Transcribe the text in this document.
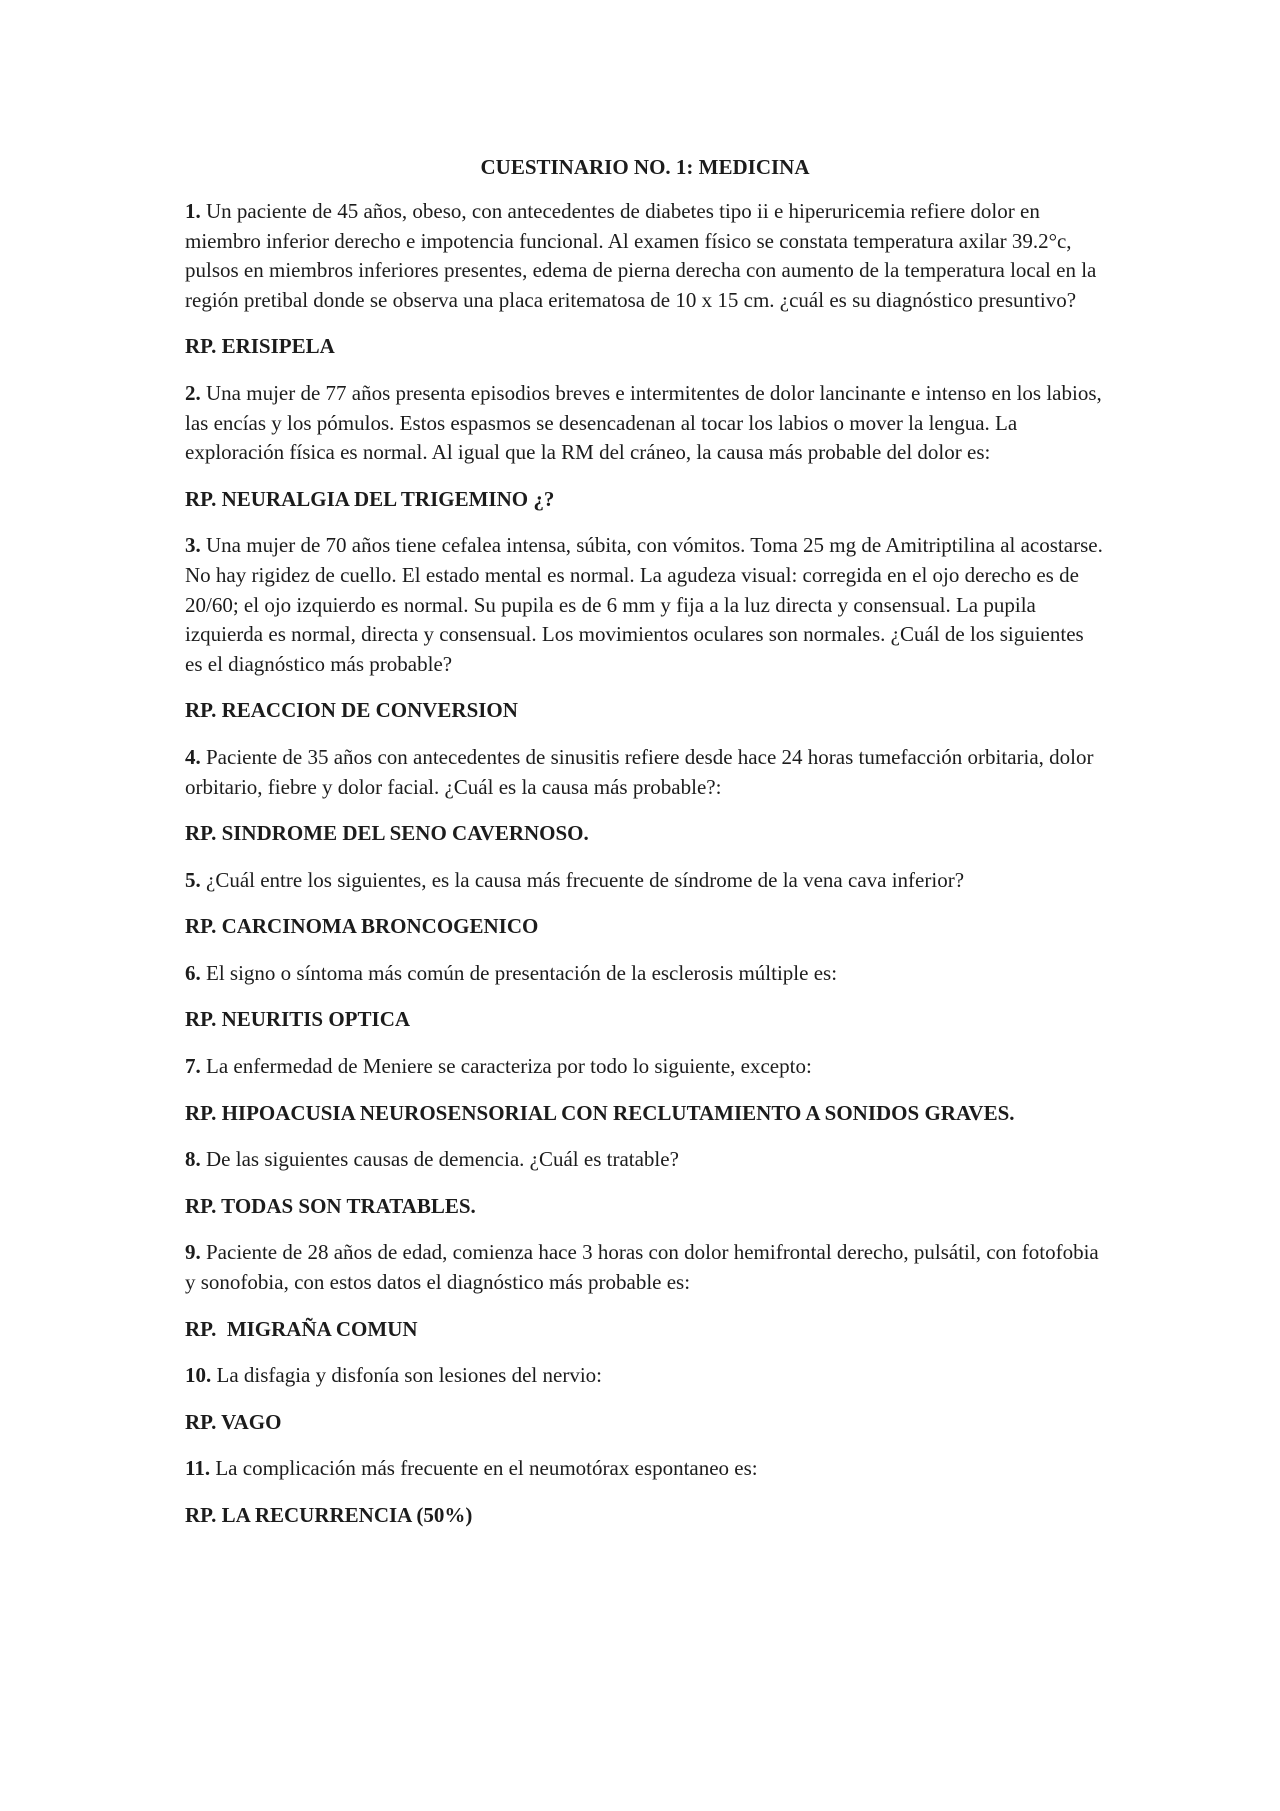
CUESTINARIO NO. 1: MEDICINA

1. Un paciente de 45 años, obeso, con antecedentes de diabetes tipo ii e hiperuricemia refiere dolor en miembro inferior derecho e impotencia funcional. Al examen físico se constata temperatura axilar 39.2°c, pulsos en miembros inferiores presentes, edema de pierna derecha con aumento de la temperatura local en la región pretibal donde se observa una placa eritematosa de 10 x 15 cm. ¿cuál es su diagnóstico presuntivo?

RP. ERISIPELA

2. Una mujer de 77 años presenta episodios breves e intermitentes de dolor lancinante e intenso en los labios, las encías y los pómulos. Estos espasmos se desencadenan al tocar los labios o mover la lengua. La exploración física es normal. Al igual que la RM del cráneo, la causa más probable del dolor es:

RP. NEURALGIA DEL TRIGEMINO ¿?

3. Una mujer de 70 años tiene cefalea intensa, súbita, con vómitos. Toma 25 mg de Amitriptilina al acostarse. No hay rigidez de cuello. El estado mental es normal. La agudeza visual: corregida en el ojo derecho es de 20/60; el ojo izquierdo es normal. Su pupila es de 6 mm y fija a la luz directa y consensual. La pupila izquierda es normal, directa y consensual. Los movimientos oculares son normales. ¿Cuál de los siguientes es el diagnóstico más probable?

RP. REACCION DE CONVERSION

4. Paciente de 35 años con antecedentes de sinusitis refiere desde hace 24 horas tumefacción orbitaria, dolor orbitario, fiebre y dolor facial. ¿Cuál es la causa más probable?:

RP. SINDROME DEL SENO CAVERNOSO.

5. ¿Cuál entre los siguientes, es la causa más frecuente de síndrome de la vena cava inferior?

RP. CARCINOMA BRONCOGENICO

6. El signo o síntoma más común de presentación de la esclerosis múltiple es:

RP. NEURITIS OPTICA

7. La enfermedad de Meniere se caracteriza por todo lo siguiente, excepto:

RP. HIPOACUSIA NEUROSENSORIAL CON RECLUTAMIENTO A SONIDOS GRAVES.

8. De las siguientes causas de demencia. ¿Cuál es tratable?

RP. TODAS SON TRATABLES.

9. Paciente de 28 años de edad, comienza hace 3 horas con dolor hemifrontal derecho, pulsátil, con fotofobia y sonofobia, con estos datos el diagnóstico más probable es:

RP.  MIGRAÑA COMUN

10. La disfagia y disfonía son lesiones del nervio:

RP. VAGO

11. La complicación más frecuente en el neumotórax espontaneo es:

RP. LA RECURRENCIA (50%)
